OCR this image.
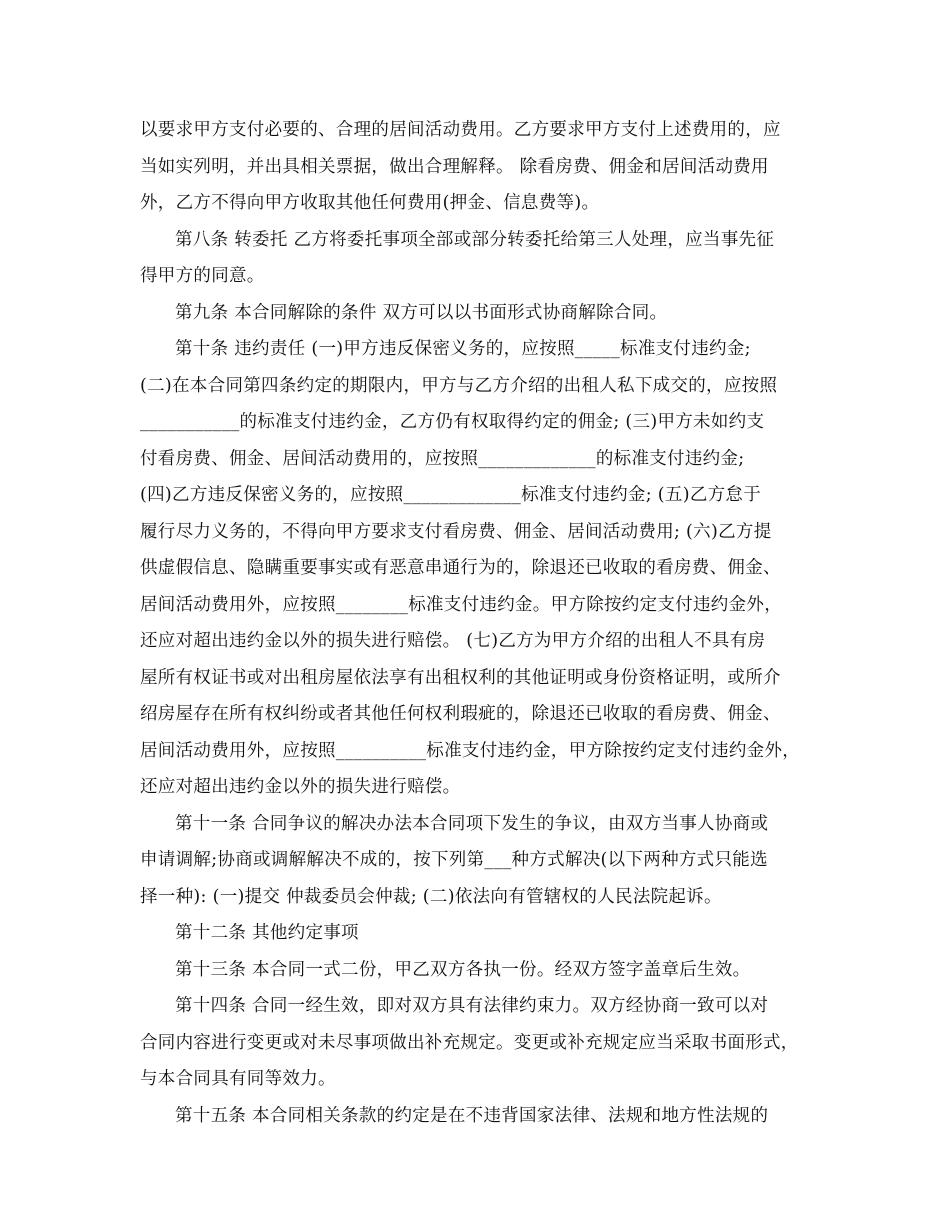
以要求甲方支付必要的、合理的居间活动费用。乙方要求甲方支付上述费用的，应
当如实列明，并出具相关票据，做出合理解释。 除看房费、佣金和居间活动费用
外，乙方不得向甲方收取其他任何费用(押金、信息费等)。
第八条 转委托 乙方将委托事项全部或部分转委托给第三人处理，应当事先征
得甲方的同意。
第九条 本合同解除的条件 双方可以以书面形式协商解除合同。
第十条 违约责任 (一)甲方违反保密义务的，应按照_____标准支付违约金;
(二)在本合同第四条约定的期限内，甲方与乙方介绍的出租人私下成交的，应按照
___________的标准支付违约金，乙方仍有权取得约定的佣金; (三)甲方未如约支
付看房费、佣金、居间活动费用的，应按照_____________的标准支付违约金;
(四)乙方违反保密义务的，应按照_____________标准支付违约金; (五)乙方怠于
履行尽力义务的，不得向甲方要求支付看房费、佣金、居间活动费用; (六)乙方提
供虚假信息、隐瞒重要事实或有恶意串通行为的，除退还已收取的看房费、佣金、
居间活动费用外，应按照________标准支付违约金。甲方除按约定支付违约金外，
还应对超出违约金以外的损失进行赔偿。 (七)乙方为甲方介绍的出租人不具有房
屋所有权证书或对出租房屋依法享有出租权利的其他证明或身份资格证明，或所介
绍房屋存在所有权纠纷或者其他任何权利瑕疵的，除退还已收取的看房费、佣金、
居间活动费用外，应按照__________标准支付违约金，甲方除按约定支付违约金外，
还应对超出违约金以外的损失进行赔偿。
第十一条 合同争议的解决办法本合同项下发生的争议，由双方当事人协商或
申请调解;协商或调解解决不成的，按下列第___种方式解决(以下两种方式只能选
择一种): (一)提交 仲裁委员会仲裁; (二)依法向有管辖权的人民法院起诉。
第十二条 其他约定事项
第十三条 本合同一式二份，甲乙双方各执一份。经双方签字盖章后生效。
第十四条 合同一经生效，即对双方具有法律约束力。双方经协商一致可以对
合同内容进行变更或对未尽事项做出补充规定。变更或补充规定应当采取书面形式，
与本合同具有同等效力。
第十五条 本合同相关条款的约定是在不违背国家法律、法规和地方性法规的
